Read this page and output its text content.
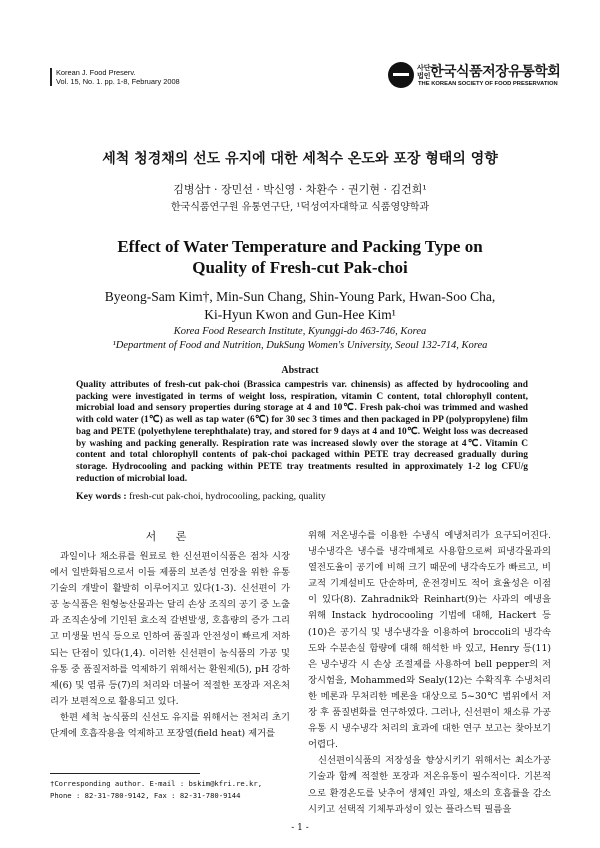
Korean J. Food Preserv.
Vol. 15, No. 1. pp. 1-8, February 2008
사단
법인 한국식품저장유통학회
THE KOREAN SOCIETY OF FOOD PRESERVATION
세척 청경채의 선도 유지에 대한 세척수 온도와 포장 형태의 영향
김병삼† · 장민선 · 박신영 · 차환수 · 권기현 · 김건희¹
한국식품연구원 유통연구단, ¹덕성여자대학교 식품영양학과
Effect of Water Temperature and Packing Type on
Quality of Fresh-cut Pak-choi
Byeong-Sam Kim†, Min-Sun Chang, Shin-Young Park, Hwan-Soo Cha,
Ki-Hyun Kwon and Gun-Hee Kim¹
Korea Food Research Institute, Kyunggi-do 463-746, Korea
¹Department of Food and Nutrition, DukSung Women's University, Seoul 132-714, Korea
Abstract
Quality attributes of fresh-cut pak-choi (Brassica campestris var. chinensis) as affected by hydrocooling and packing were investigated in terms of weight loss, respiration, vitamin C content, total chlorophyll content, microbial load and sensory properties during storage at 4 and 10℃. Fresh pak-choi was trimmed and washed with cold water (1℃) as well as tap water (6℃) for 30 sec 3 times and then packaged in PP (polypropylene) film bag and PETE (polyethylene terephthalate) tray, and stored for 9 days at 4 and 10℃. Weight loss was decreased by washing and packing generally. Respiration rate was increased slowly over the storage at 4℃. Vitamin C content and total chlorophyll contents of pak-choi packaged within PETE tray decreased gradually during storage. Hydrocooling and packing within PETE tray treatments resulted in approximately 1-2 log CFU/g reduction of microbial load.
Key words : fresh-cut pak-choi, hydrocooling, packing, quality
서 론

과일이나 채소류를 원료로 한 신선편이식품은 점차 시장에서 일반화됨으로서 이들 제품의 보존성 연장을 위한 유통기술의 개발이 활발히 이루어지고 있다(1-3). 신선편이 가공 농식품은 원형농산물과는 달리 손상 조직의 공기 중 노출과 조직손상에 기인된 효소적 갈변발생, 호흡량의 증가 그리고 미생물 번식 등으로 인하여 품질과 안전성이 빠르게 저하되는 단점이 있다(1,4). 이러한 신선편이 농식품의 가공 및 유통 중 품질저하를 억제하기 위해서는 환원제(5), pH 강하제(6) 및 염류 등(7)의 처리와 더불어 적절한 포장과 저온처리가 보편적으로 활용되고 있다.

한편 세척 농식품의 신선도 유지를 위해서는 전처리 초기 단계에 호흡작용을 억제하고 포장열(field heat) 제거를

위해 저온냉수를 이용한 수냉식 예냉처리가 요구되어진다. 냉수냉각은 냉수를 냉각매체로 사용함으로써 피냉각물과의 열전도율이 공기에 비해 크기 때문에 냉각속도가 빠르고, 비교적 기계설비도 단순하며, 운전경비도 적어 효율성은 이점이 있다(8). Zahradnik와 Reinhart(9)는 사과의 예냉을 위해 Instack hydrocooling 기법에 대해, Hackert 등(10)은 공기식 및 냉수냉각을 이용하여 broccoli의 냉각속도와 수분손실 함량에 대해 해석한 바 있고, Henry 등(11)은 냉수냉각 시 손상 조절제를 사용하여 bell pepper의 저장시험을, Mohammed와 Sealy(12)는 수확직후 수냉처리한 메론과 무처리한 메론을 대상으로 5~30℃ 범위에서 저장 후 품질변화를 연구하였다. 그러나, 신선편이 채소류 가공 유통 시 냉수냉각 처리의 효과에 대한 연구 보고는 찾아보기 어렵다.

신선편이식품의 저장성을 향상시키기 위해서는 최소가공기술과 함께 적절한 포장과 저온유통이 필수적이다. 기본적으로 환경온도를 낮추어 생체인 과일, 채소의 호흡률을 감소시키고 선택적 기체투과성이 있는 플라스틱 필름을

†Corresponding author. E-mail : bskim@kfri.re.kr,
Phone : 82-31-780-9142, Fax : 82-31-780-9144
- 1 -
